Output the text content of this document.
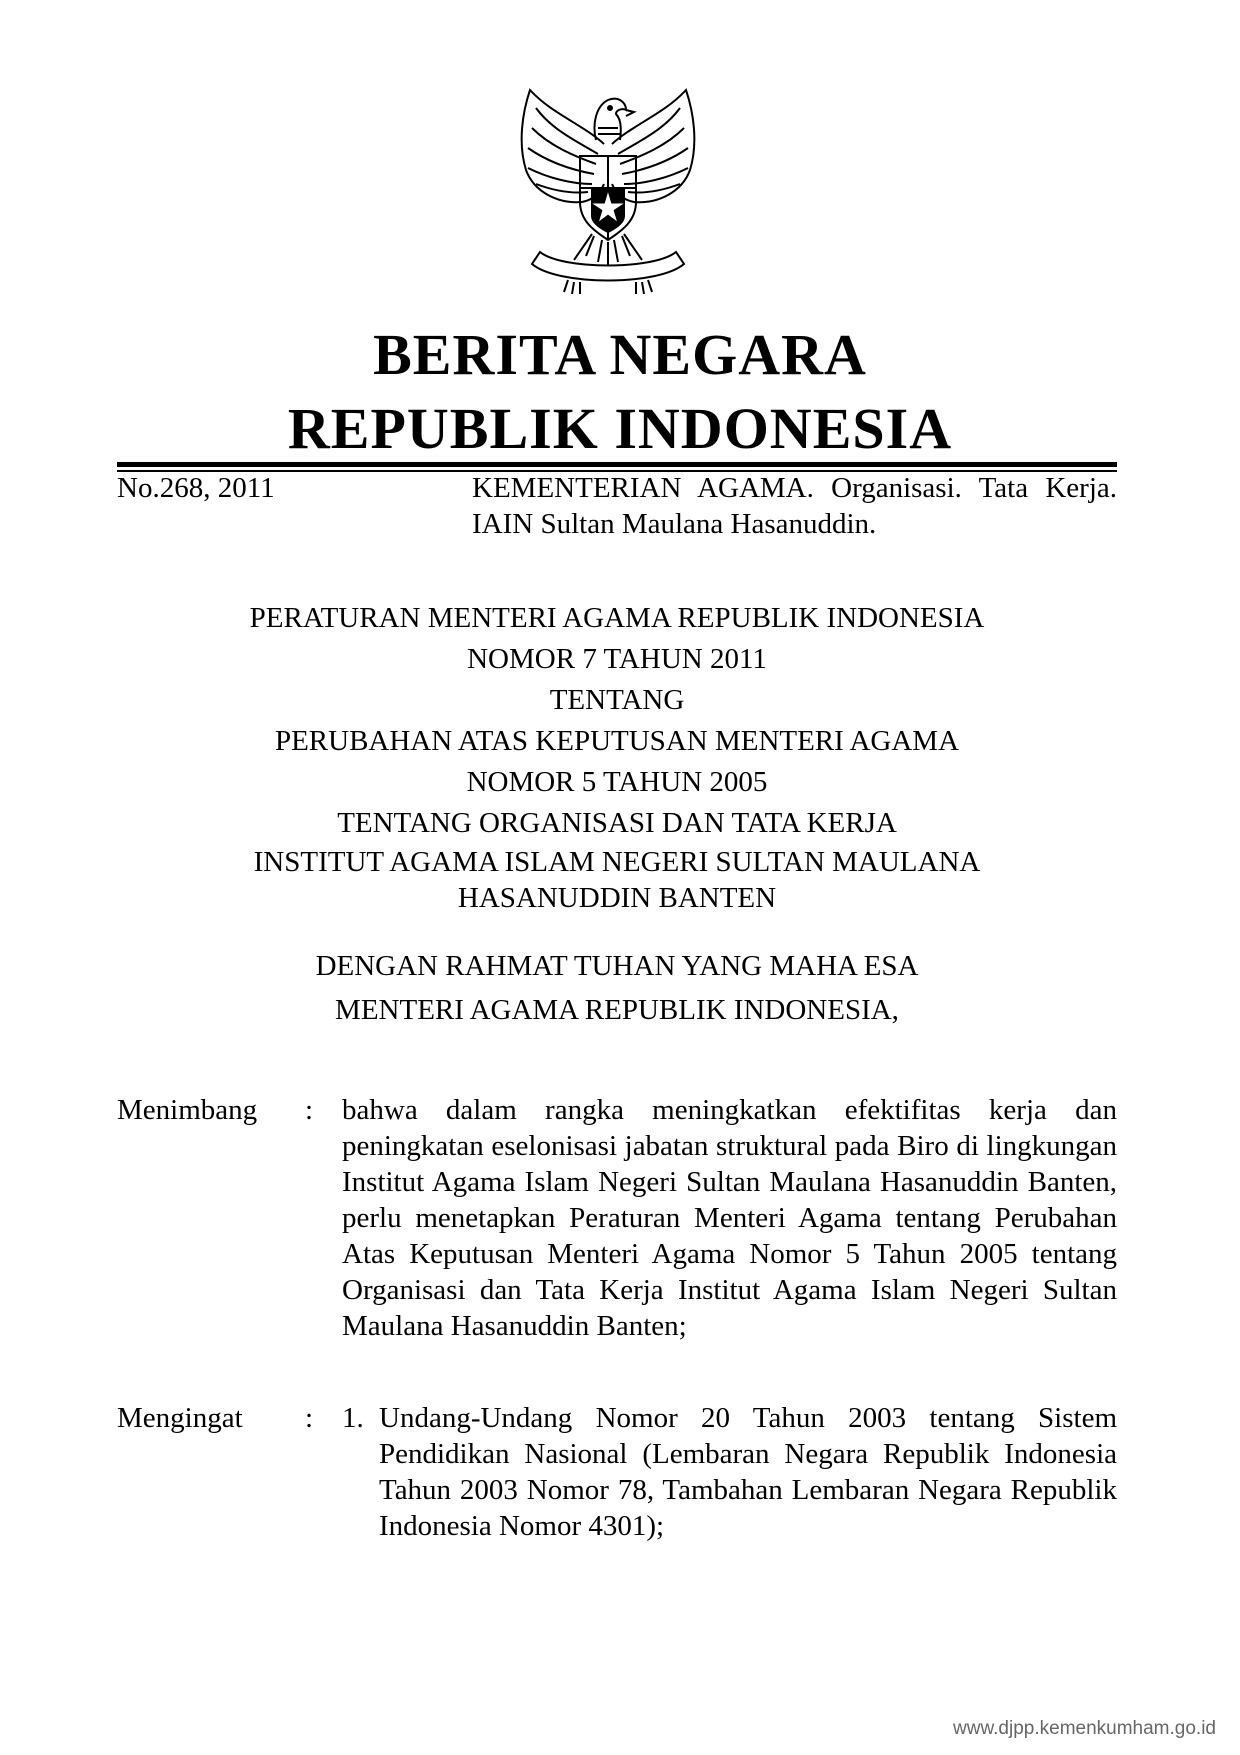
BERITA NEGARA
REPUBLIK INDONESIA
No.268, 2011	KEMENTERIAN AGAMA. Organisasi. Tata Kerja. IAIN Sultan Maulana Hasanuddin.
PERATURAN MENTERI AGAMA REPUBLIK INDONESIA
NOMOR 7 TAHUN 2011
TENTANG
PERUBAHAN ATAS KEPUTUSAN MENTERI AGAMA
NOMOR 5 TAHUN 2005
TENTANG ORGANISASI DAN TATA KERJA
INSTITUT AGAMA ISLAM NEGERI SULTAN MAULANA
HASANUDDIN BANTEN
DENGAN RAHMAT TUHAN YANG MAHA ESA
MENTERI AGAMA REPUBLIK INDONESIA,
Menimbang : bahwa dalam rangka meningkatkan efektifitas kerja dan peningkatan eselonisasi jabatan struktural pada Biro di lingkungan Institut Agama Islam Negeri Sultan Maulana Hasanuddin Banten, perlu menetapkan Peraturan Menteri Agama tentang Perubahan Atas Keputusan Menteri Agama Nomor 5 Tahun 2005 tentang Organisasi dan Tata Kerja Institut Agama Islam Negeri Sultan Maulana Hasanuddin Banten;
Mengingat : 1. Undang-Undang Nomor 20 Tahun 2003 tentang Sistem Pendidikan Nasional (Lembaran Negara Republik Indonesia Tahun 2003 Nomor 78, Tambahan Lembaran Negara Republik Indonesia Nomor 4301);
www.djpp.kemenkumham.go.id
